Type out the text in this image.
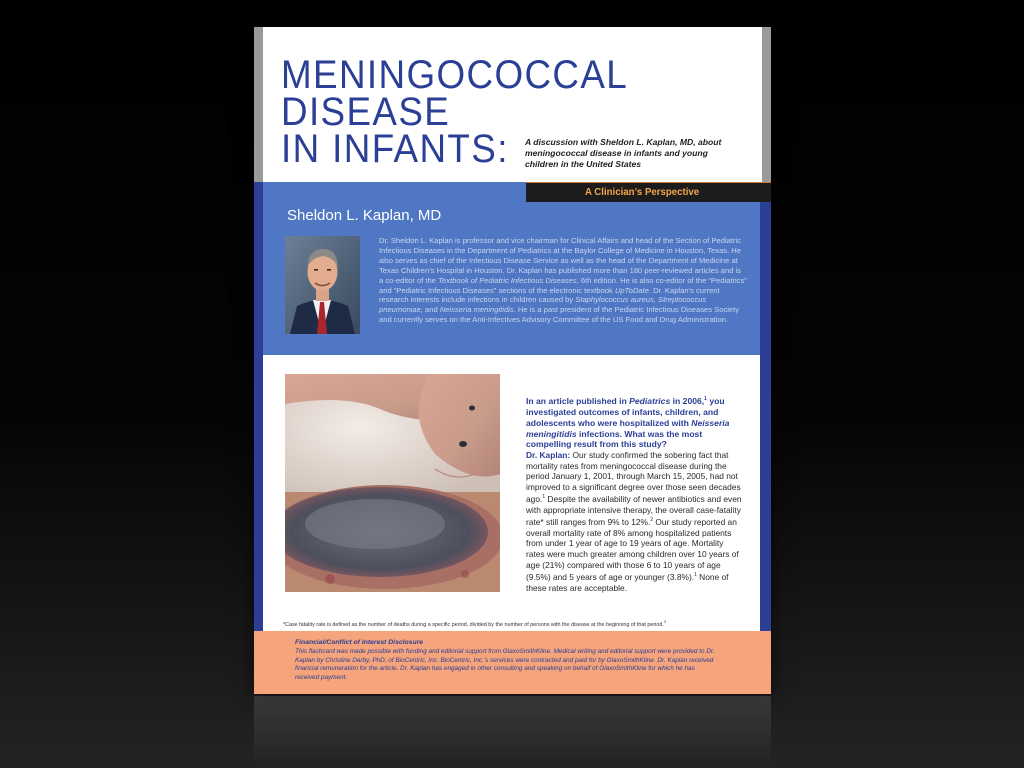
MENINGOCOCCAL
DISEASE
IN INFANTS:	A discussion with Sheldon L. Kaplan, MD, about meningococcal disease in infants and young children in the United States

A Clinician’s Perspective

Sheldon L. Kaplan, MD

Dr. Sheldon L. Kaplan is professor and vice chairman for Clinical Affairs and head of the Section of Pediatric Infectious Diseases in the Department of Pediatrics at the Baylor College of Medicine in Houston, Texas. He also serves as chief of the Infectious Disease Service as well as the head of the Department of Medicine at Texas Children’s Hospital in Houston. Dr. Kaplan has published more than 180 peer-reviewed articles and is a co-editor of the Textbook of Pediatric Infectious Diseases, 6th edition. He is also co-editor of the “Pediatrics” and “Pediatric Infectious Diseases” sections of the electronic textbook UpToDate. Dr. Kaplan’s current research interests include infections in children caused by Staphylococcus aureus, Streptococcus pneumoniae, and Neisseria meningitidis. He is a past president of the Pediatric Infectious Diseases Society and currently serves on the Anti-Infectives Advisory Committee of the US Food and Drug Administration.

In an article published in Pediatrics in 2006,$^1$ you investigated outcomes of infants, children, and adolescents who were hospitalized with Neisseria meningitidis infections. What was the most compelling result from this study?

Dr. Kaplan: Our study confirmed the sobering fact that mortality rates from meningococcal disease during the period January 1, 2001, through March 15, 2005, had not improved to a significant degree over those seen decades ago.$^1$ Despite the availability of newer antibiotics and even with appropriate intensive therapy, the overall case-fatality rate* still ranges from 9% to 12%.$^2$ Our study reported an overall mortality rate of 8% among hospitalized patients from under 1 year of age to 19 years of age. Mortality rates were much greater among children over 10 years of age (21%) compared with those 6 to 10 years of age (9.5%) and 5 years of age or younger (3.8%).$^1$ None of these rates are acceptable.

*Case fatality rate is defined as the number of deaths during a specific period, divided by the number of persons with the disease at the beginning of that period.$^3$

Financial/Conflict of Interest Disclosure

This flashcard was made possible with funding and editorial support from GlaxoSmithKline. Medical writing and editorial support were provided to Dr. Kaplan by Christine Darby, PhD, of BioCentric, Inc. BioCentric, Inc.’s services were contracted and paid for by GlaxoSmithKline. Dr. Kaplan received financial remuneration for the article. Dr. Kaplan has engaged in other consulting and speaking on behalf of GlaxoSmithKline for which he has received payment.
